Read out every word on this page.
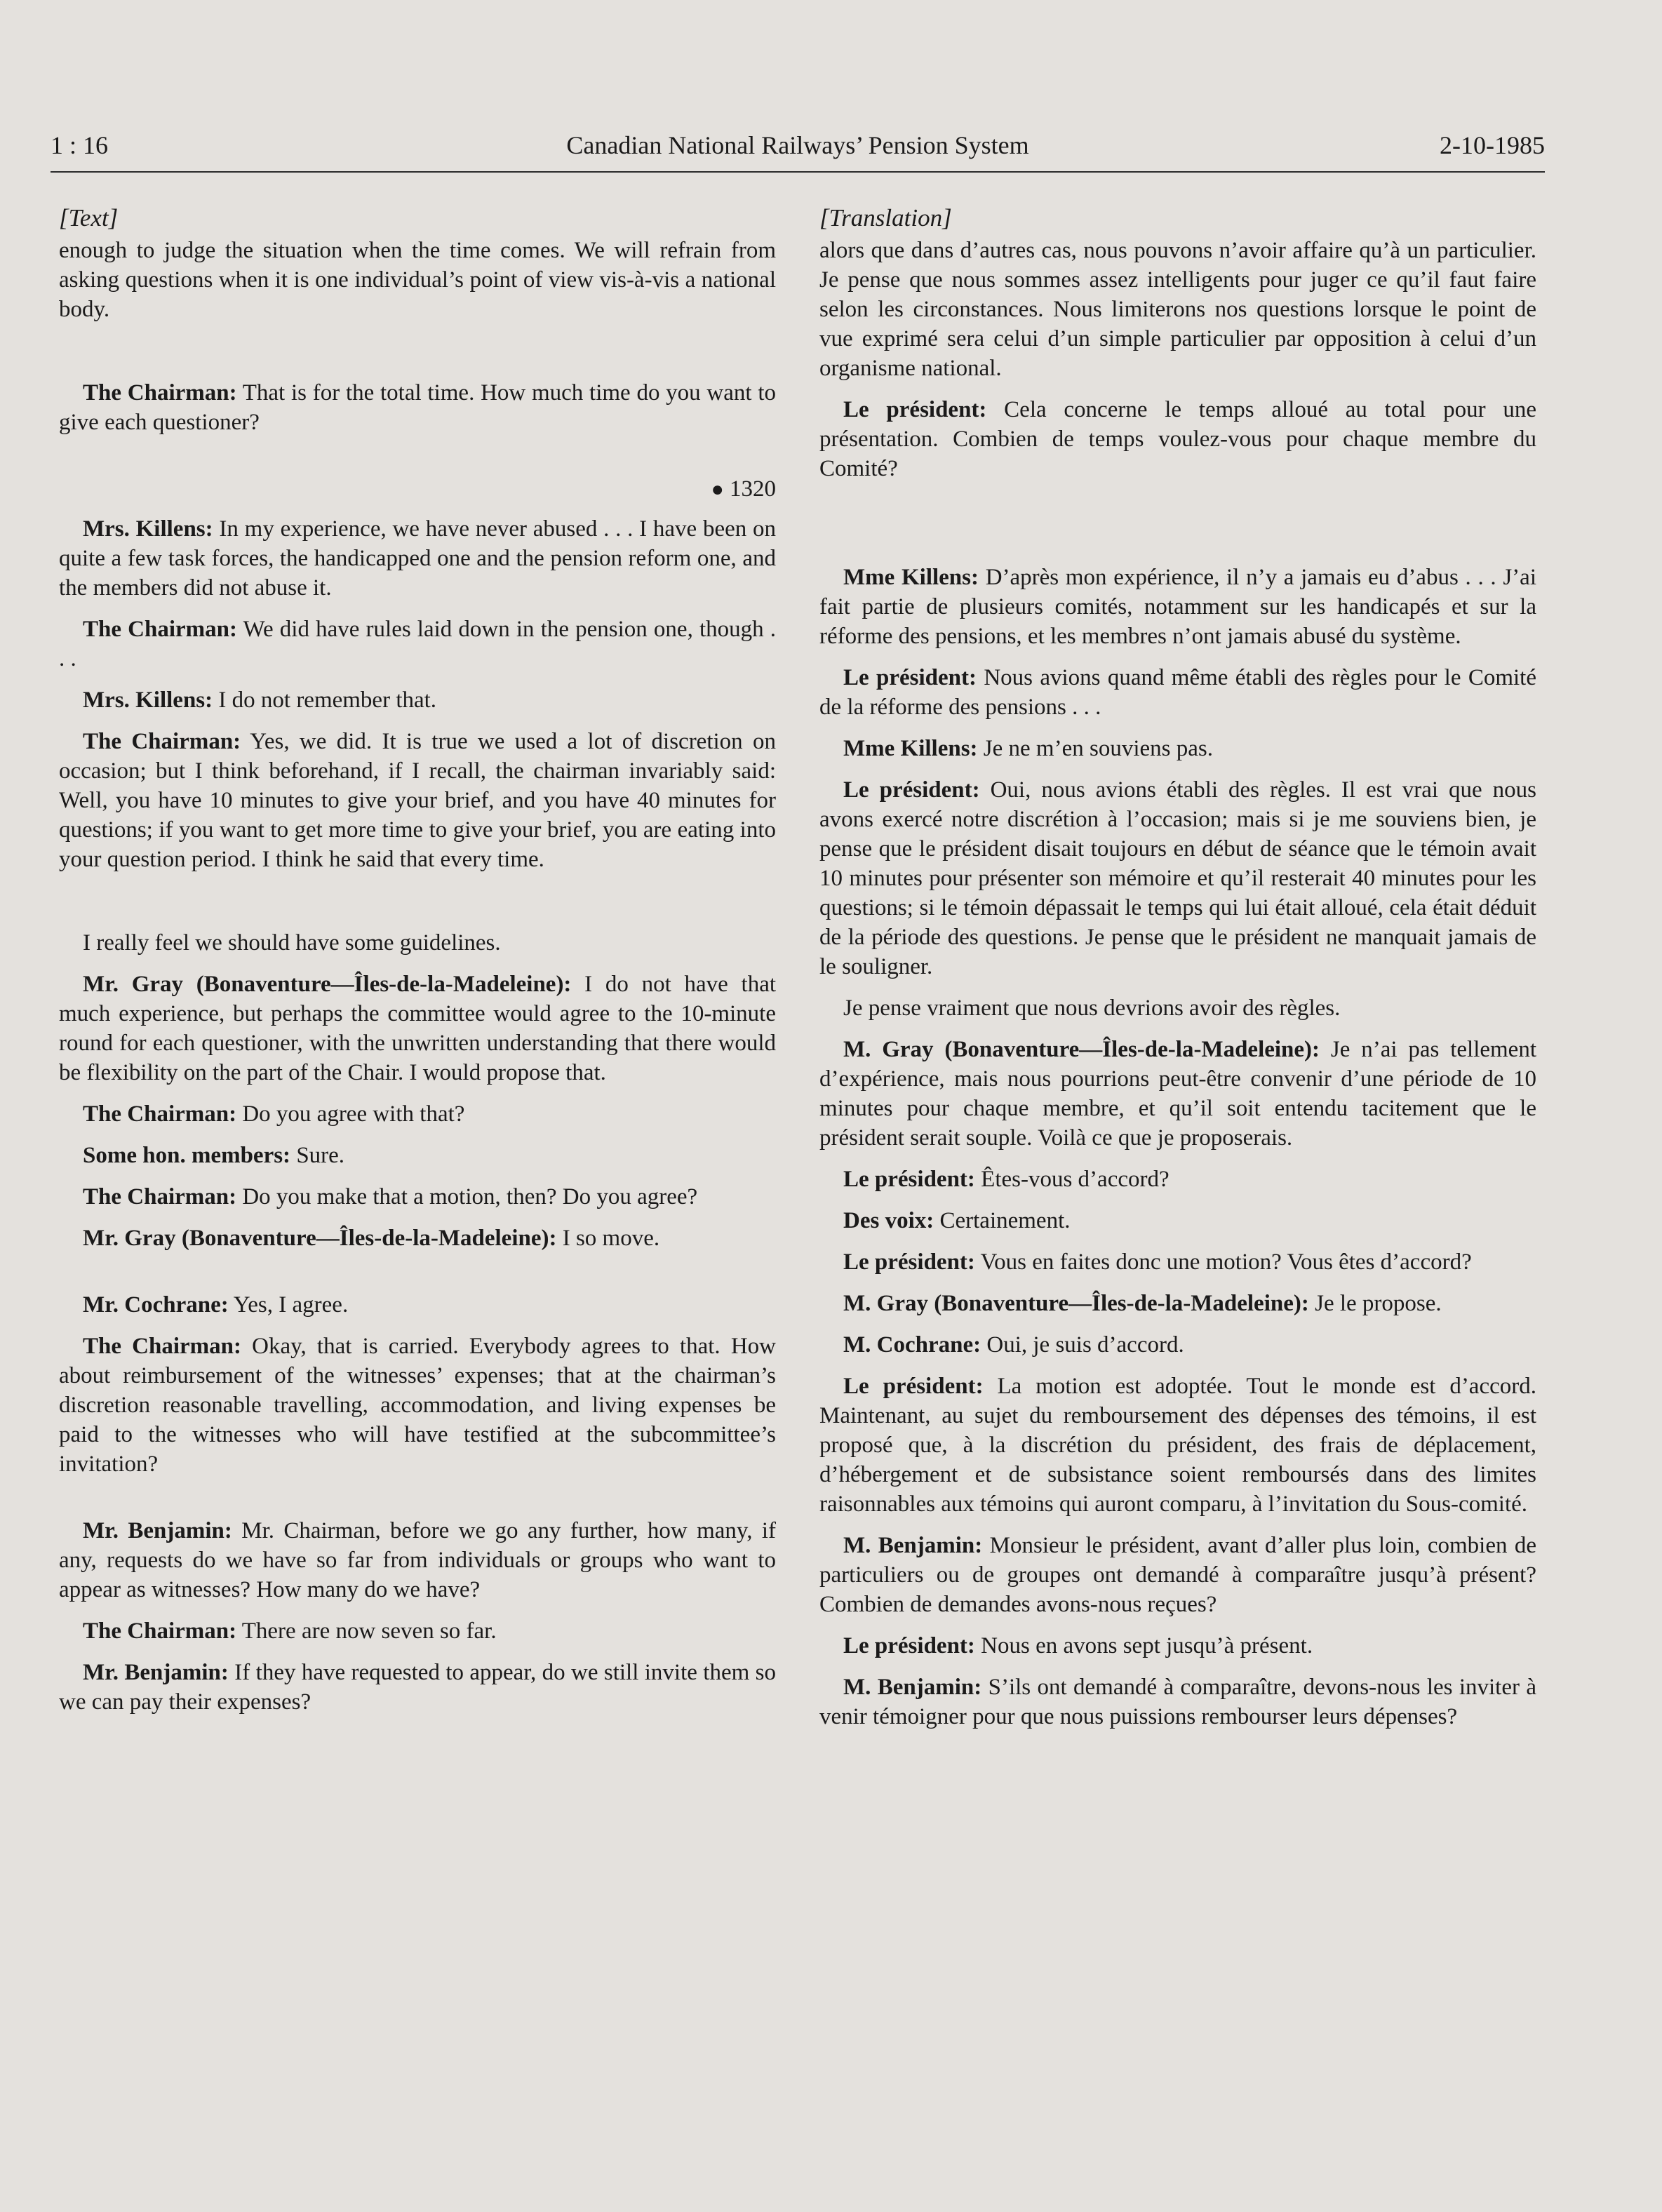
1 : 16	Canadian National Railways’ Pension System	2-10-1985
[Text]

enough to judge the situation when the time comes. We will refrain from asking questions when it is one individual’s point of view vis-à-vis a national body.

The Chairman: That is for the total time. How much time do you want to give each questioner?

● 1320

Mrs. Killens: In my experience, we have never abused . . . I have been on quite a few task forces, the handicapped one and the pension reform one, and the members did not abuse it.

The Chairman: We did have rules laid down in the pension one, though . . .

Mrs. Killens: I do not remember that.

The Chairman: Yes, we did. It is true we used a lot of discretion on occasion; but I think beforehand, if I recall, the chairman invariably said: Well, you have 10 minutes to give your brief, and you have 40 minutes for questions; if you want to get more time to give your brief, you are eating into your question period. I think he said that every time.

I really feel we should have some guidelines.

Mr. Gray (Bonaventure—Îles-de-la-Madeleine): I do not have that much experience, but perhaps the committee would agree to the 10-minute round for each questioner, with the unwritten understanding that there would be flexibility on the part of the Chair. I would propose that.

The Chairman: Do you agree with that?

Some hon. members: Sure.

The Chairman: Do you make that a motion, then? Do you agree?

Mr. Gray (Bonaventure—Îles-de-la-Madeleine): I so move.

Mr. Cochrane: Yes, I agree.

The Chairman: Okay, that is carried. Everybody agrees to that. How about reimbursement of the witnesses’ expenses; that at the chairman’s discretion reasonable travelling, accommodation, and living expenses be paid to the witnesses who will have testified at the subcommittee’s invitation?

Mr. Benjamin: Mr. Chairman, before we go any further, how many, if any, requests do we have so far from individuals or groups who want to appear as witnesses? How many do we have?

The Chairman: There are now seven so far.

Mr. Benjamin: If they have requested to appear, do we still invite them so we can pay their expenses?

[Translation]

alors que dans d’autres cas, nous pouvons n’avoir affaire qu’à un particulier. Je pense que nous sommes assez intelligents pour juger ce qu’il faut faire selon les circonstances. Nous limiterons nos questions lorsque le point de vue exprimé sera celui d’un simple particulier par opposition à celui d’un organisme national.

Le président: Cela concerne le temps alloué au total pour une présentation. Combien de temps voulez-vous pour chaque membre du Comité?

Mme Killens: D’après mon expérience, il n’y a jamais eu d’abus . . . J’ai fait partie de plusieurs comités, notamment sur les handicapés et sur la réforme des pensions, et les membres n’ont jamais abusé du système.

Le président: Nous avions quand même établi des règles pour le Comité de la réforme des pensions . . .

Mme Killens: Je ne m’en souviens pas.

Le président: Oui, nous avions établi des règles. Il est vrai que nous avons exercé notre discrétion à l’occasion; mais si je me souviens bien, je pense que le président disait toujours en début de séance que le témoin avait 10 minutes pour présenter son mémoire et qu’il resterait 40 minutes pour les questions; si le témoin dépassait le temps qui lui était alloué, cela était déduit de la période des questions. Je pense que le président ne manquait jamais de le souligner.

Je pense vraiment que nous devrions avoir des règles.

M. Gray (Bonaventure—Îles-de-la-Madeleine): Je n’ai pas tellement d’expérience, mais nous pourrions peut-être convenir d’une période de 10 minutes pour chaque membre, et qu’il soit entendu tacitement que le président serait souple. Voilà ce que je proposerais.

Le président: Êtes-vous d’accord?

Des voix: Certainement.

Le président: Vous en faites donc une motion? Vous êtes d’accord?

M. Gray (Bonaventure—Îles-de-la-Madeleine): Je le propose.

M. Cochrane: Oui, je suis d’accord.

Le président: La motion est adoptée. Tout le monde est d’accord. Maintenant, au sujet du remboursement des dépenses des témoins, il est proposé que, à la discrétion du président, des frais de déplacement, d’hébergement et de subsistance soient remboursés dans des limites raisonnables aux témoins qui auront comparu, à l’invitation du Sous-comité.

M. Benjamin: Monsieur le président, avant d’aller plus loin, combien de particuliers ou de groupes ont demandé à comparaître jusqu’à présent? Combien de demandes avons-nous reçues?

Le président: Nous en avons sept jusqu’à présent.

M. Benjamin: S’ils ont demandé à comparaître, devons-nous les inviter à venir témoigner pour que nous puissions rembourser leurs dépenses?
